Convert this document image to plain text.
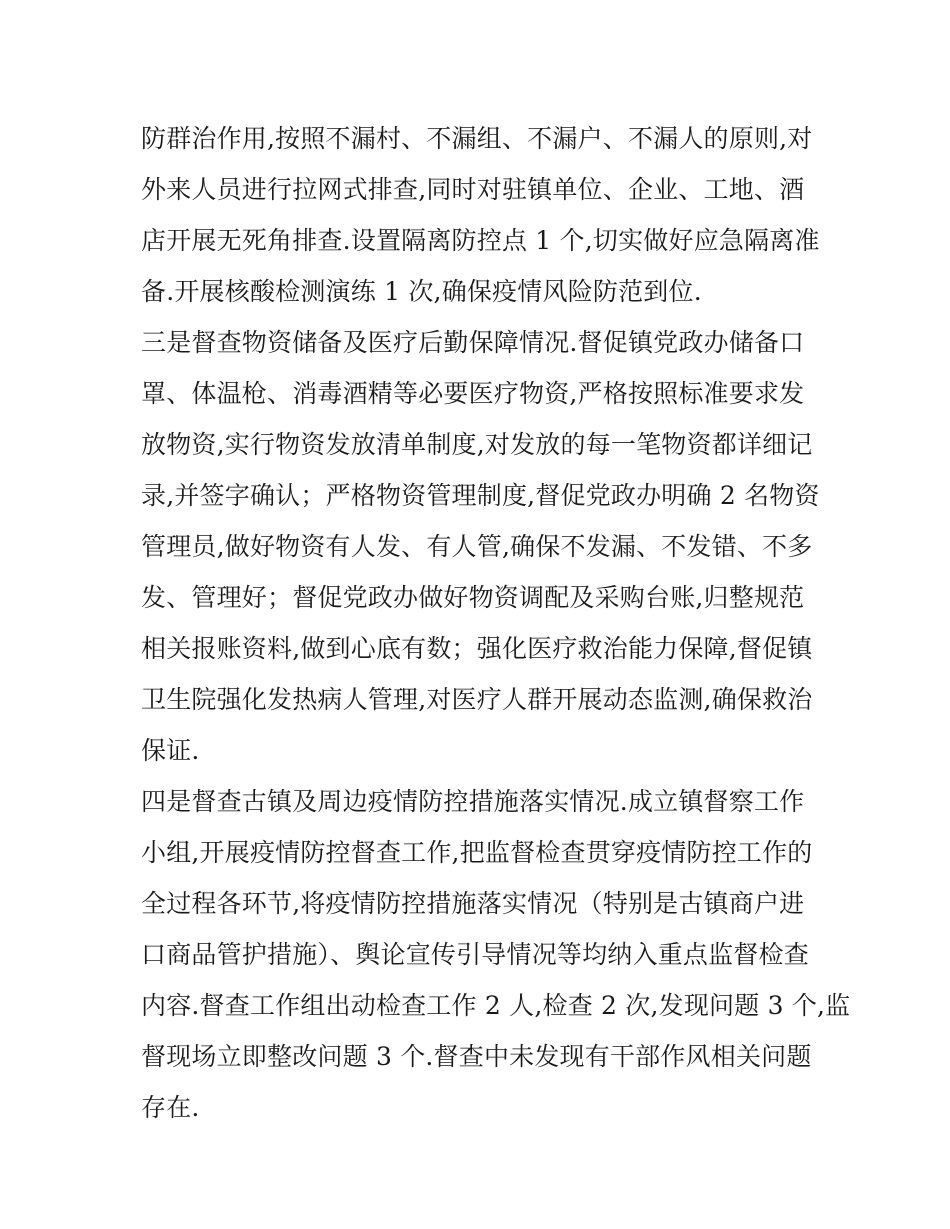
防群治作用,按照不漏村、不漏组、不漏户、不漏人的原则,对
外来人员进行拉网式排查,同时对驻镇单位、企业、工地、酒
店开展无死角排查.设置隔离防控点 1 个,切实做好应急隔离准
备.开展核酸检测演练 1 次,确保疫情风险防范到位.
三是督查物资储备及医疗后勤保障情况.督促镇党政办储备口
罩、体温枪、消毒酒精等必要医疗物资,严格按照标准要求发
放物资,实行物资发放清单制度,对发放的每一笔物资都详细记
录,并签字确认；严格物资管理制度,督促党政办明确 2 名物资
管理员,做好物资有人发、有人管,确保不发漏、不发错、不多
发、管理好；督促党政办做好物资调配及采购台账,归整规范
相关报账资料,做到心底有数；强化医疗救治能力保障,督促镇
卫生院强化发热病人管理,对医疗人群开展动态监测,确保救治
保证.
四是督查古镇及周边疫情防控措施落实情况.成立镇督察工作
小组,开展疫情防控督查工作,把监督检查贯穿疫情防控工作的
全过程各环节,将疫情防控措施落实情况（特别是古镇商户进
口商品管护措施）、舆论宣传引导情况等均纳入重点监督检查
内容.督查工作组出动检查工作 2 人,检查 2 次,发现问题 3 个,监
督现场立即整改问题 3 个.督查中未发现有干部作风相关问题
存在.
